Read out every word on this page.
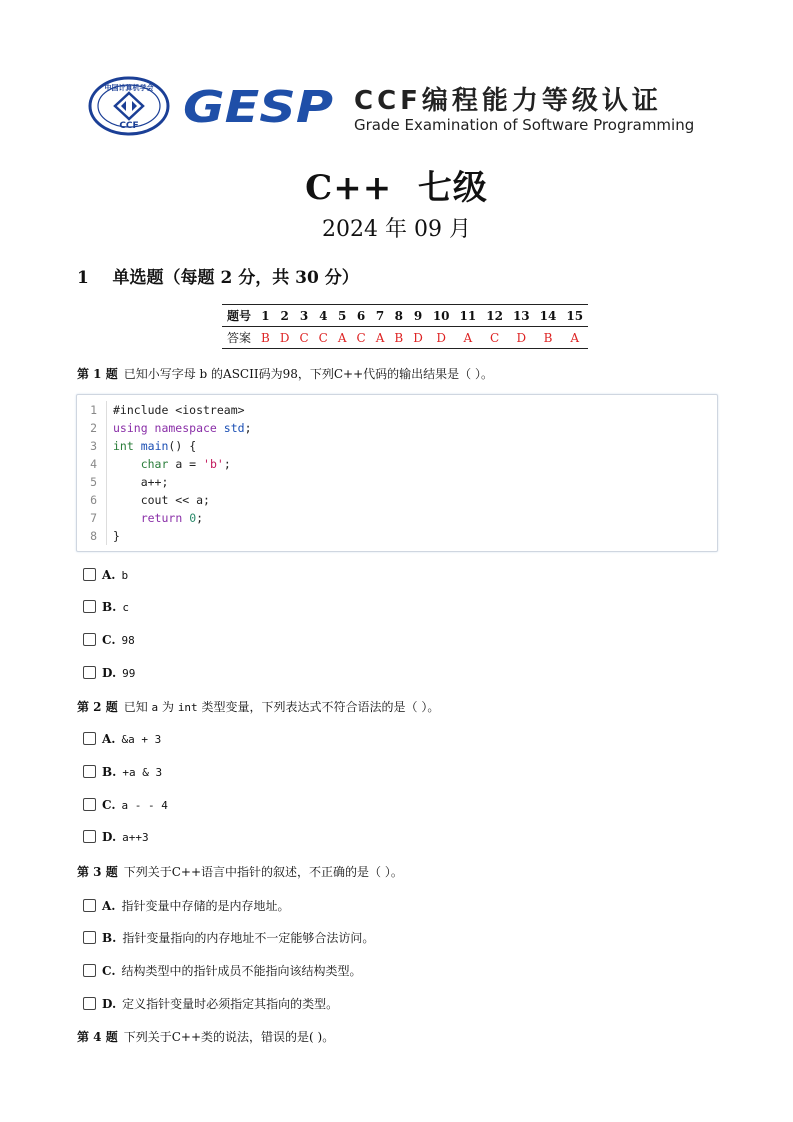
中国计算机学会
CCF GESP CCF编程能力等级认证
Grade Examination of Software Programming
C++  七级
2024 年 09 月
1 单选题（每题 2 分，共 30 分）
题号	1	2	3	4	5	6	7	8	9	10	11	12	13	14	15
答案	B	D	C	C	A	C	A	B	D	D	A	C	D	B	A
第 1 题 已知小写字母 b 的ASCII码为98，下列C++代码的输出结果是（ ）。
1 #include <iostream>
2 using namespace std;
3 int main() {
4	char a = 'b';
5 a++;
6 cout << a;
7	return 0;
8 }
A. b
B. c
C. 98
D. 99
第 2 题 已知 a 为 int 类型变量，下列表达式不符合语法的是（ ）。
A. &a + 3
B. +a & 3
C. a - - 4
D. a++3
第 3 题 下列关于C++语言中指针的叙述，不正确的是（ ）。
A. 指针变量中存储的是内存地址。
B. 指针变量指向的内存地址不一定能够合法访问。
C. 结构类型中的指针成员不能指向该结构类型。
D. 定义指针变量时必须指定其指向的类型。
第 4 题 下列关于C++类的说法，错误的是( )。
